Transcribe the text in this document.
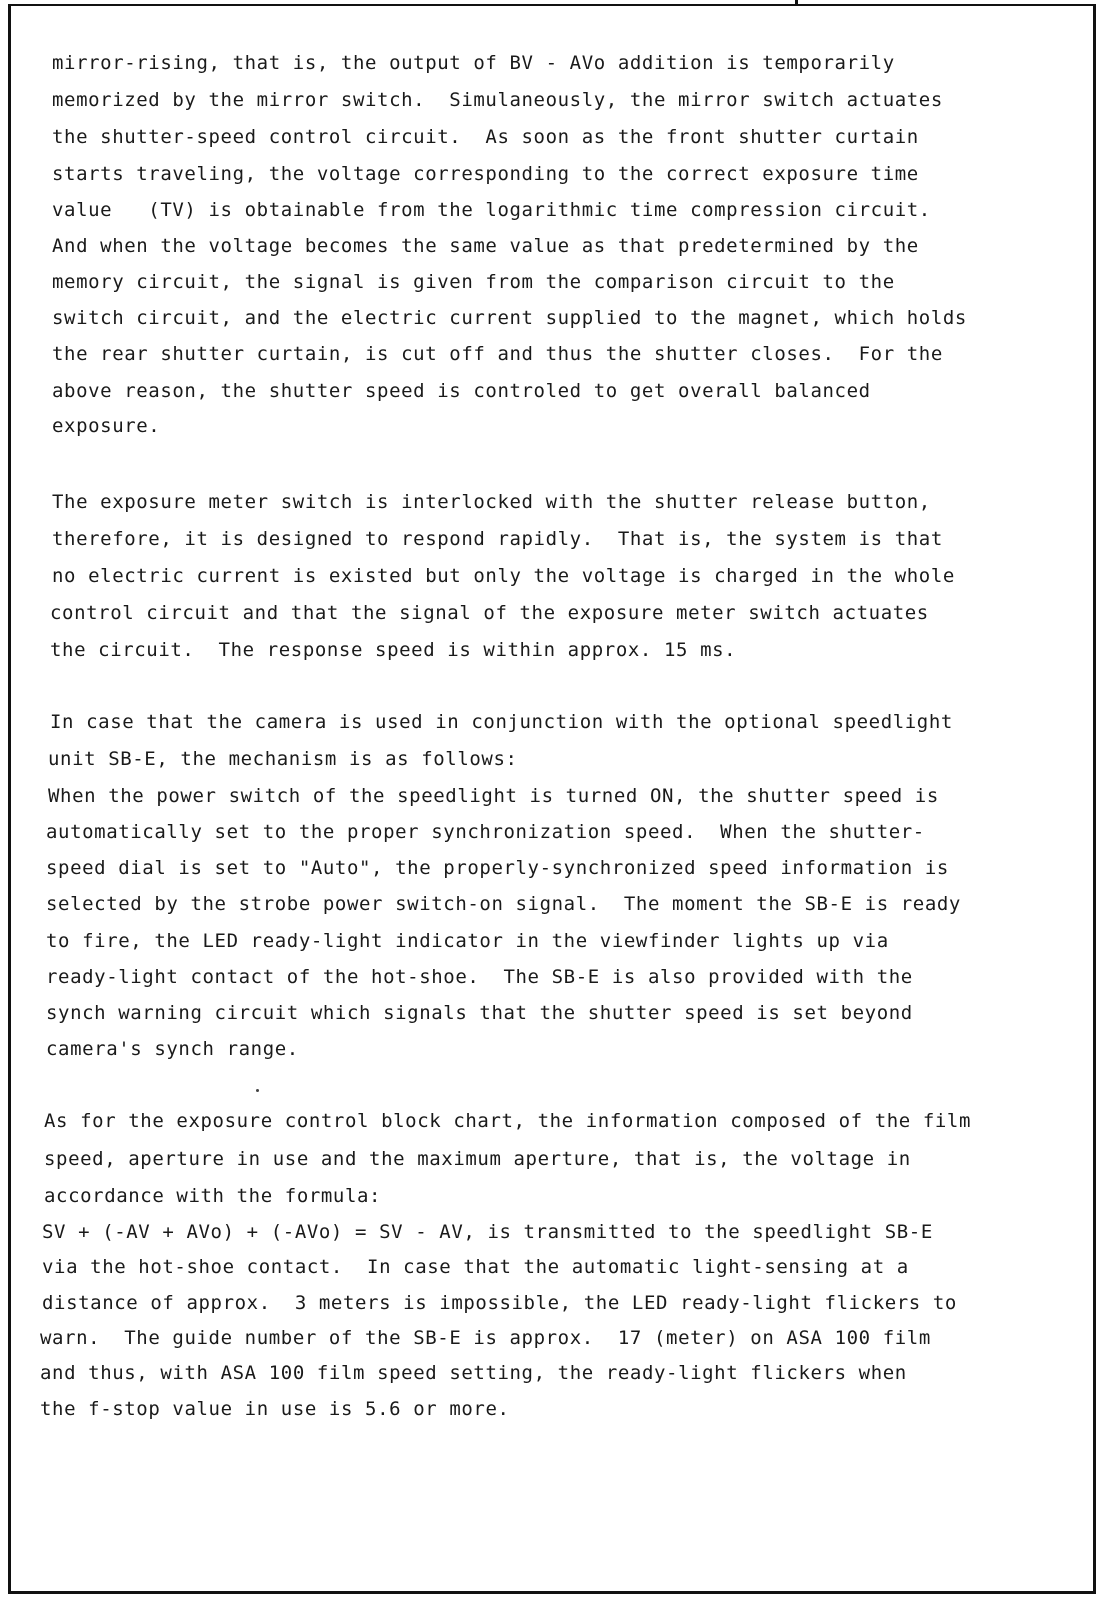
mirror-rising, that is, the output of BV - AVo addition is temporarily
memorized by the mirror switch.  Simulaneously, the mirror switch actuates
the shutter-speed control circuit.  As soon as the front shutter curtain
starts traveling, the voltage corresponding to the correct exposure time
value   (TV) is obtainable from the logarithmic time compression circuit.
And when the voltage becomes the same value as that predetermined by the
memory circuit, the signal is given from the comparison circuit to the
switch circuit, and the electric current supplied to the magnet, which holds
the rear shutter curtain, is cut off and thus the shutter closes.  For the
above reason, the shutter speed is controled to get overall balanced
exposure.
The exposure meter switch is interlocked with the shutter release button,
therefore, it is designed to respond rapidly.  That is, the system is that
no electric current is existed but only the voltage is charged in the whole
control circuit and that the signal of the exposure meter switch actuates
the circuit.  The response speed is within approx. 15 ms.
In case that the camera is used in conjunction with the optional speedlight
unit SB-E, the mechanism is as follows:
When the power switch of the speedlight is turned ON, the shutter speed is
automatically set to the proper synchronization speed.  When the shutter-
speed dial is set to "Auto", the properly-synchronized speed information is
selected by the strobe power switch-on signal.  The moment the SB-E is ready
to fire, the LED ready-light indicator in the viewfinder lights up via
ready-light contact of the hot-shoe.  The SB-E is also provided with the
synch warning circuit which signals that the shutter speed is set beyond
camera's synch range.
As for the exposure control block chart, the information composed of the film
speed, aperture in use and the maximum aperture, that is, the voltage in
accordance with the formula:
SV + (-AV + AVo) + (-AVo) = SV - AV, is transmitted to the speedlight SB-E
via the hot-shoe contact.  In case that the automatic light-sensing at a
distance of approx.  3 meters is impossible, the LED ready-light flickers to
warn.  The guide number of the SB-E is approx.  17 (meter) on ASA 100 film
and thus, with ASA 100 film speed setting, the ready-light flickers when
the f-stop value in use is 5.6 or more.
